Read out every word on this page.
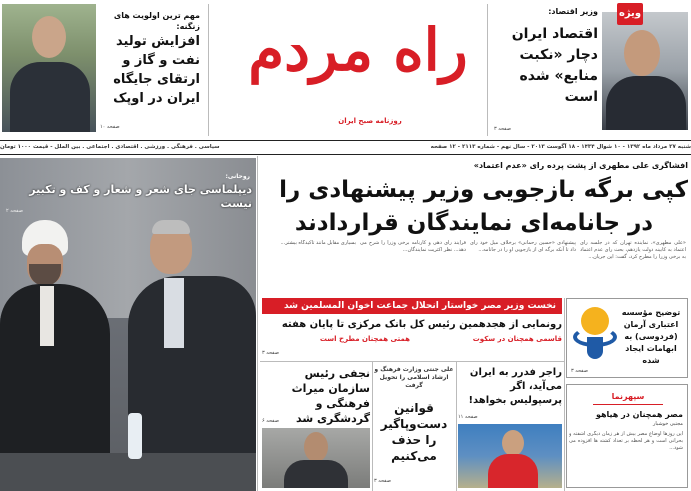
مهم ترین اولویت های زنگنه:
افزایش تولید نفت و گاز و ارتقای جایگاه ایران در اوپک
صفحه ۱۰
راه مردم
روزنامه صبح ایران
ویژه
وزیر اقتصاد:
اقتصاد ایران دچار «نکبت منابع» شده است
صفحه ۳
شنبه ۲۷ مرداد ماه ۱۳۹۲ - ۱۰ شوال ۱۴۳۴ - ۱۸ آگوست ۲۰۱۳ - سال نهم - شماره ۲۱۱۳ - ۱۲ صفحه
سیاسی . فرهنگی . ورزشی . اقتصادی . اجتماعی . بین الملل - قیمت ۱۰۰۰ تومان
روحانی:
دیپلماسی جای شعر و شعار و کف و تکبیر نیست
صفحه ۲
افشاگری علی مطهری از پشت پرده رای «عدم اعتماد»
کپی برگه بازجویی وزیر پیشنهادی را
در جانامه‌ای نمایندگان قراردادند
«علی مطهری»، نماینده تهران که در جلسه رای اعتماد به کابینه دولت یازدهم، بحث رای عدم اعتماد به برخی وزرا را مطرح کرد، گفت: این جریان...
پیشنهادی «حسین رحمانی» برخلاف میل خود رای داد تا آنکه برگه ای از بازجویی او را در جانامه...
فرایند رای دهی و کارنامه برخی وزرا را شرح می دهد... نظر اکثریت نمایندگان...
بسیاری مقابل مانند تاکیدگاه بیشتر...
نخست وزیر مصر خواستار انحلال جماعت اخوان المسلمین شد
رونمایی از هجدهمین رئیس کل بانک مرکزی تا پایان هفته
قاسمی همچنان در سکوت
همتی همچنان مطرح است
صفحه ۳
راجر فدرر به ایران می‌آید، اگر پرسپولیس بخواهد!
صفحه ۱۱
علی جنتی وزارت فرهنگ و ارشاد اسلامی را تحویل گرفت
قوانین دست‌وپاگیر را حذف می‌کنیم
صفحه ۳
نجفی رئیس سازمان میراث فرهنگی و گردشگری شد
صفحه ۶
توضیح مؤسسه اعتباری آرمان (فردوسی) به ابهامات ایجاد شده
صفحه ۳
سپهرنما
مصر همچنان در هیاهو
مجتبی خوشبار
این روزها اوضاع مصر بیش از هر زمان دیگری آشفته و بحرانی است و هر لحظه بر تعداد کشته ها افزوده می شود...
